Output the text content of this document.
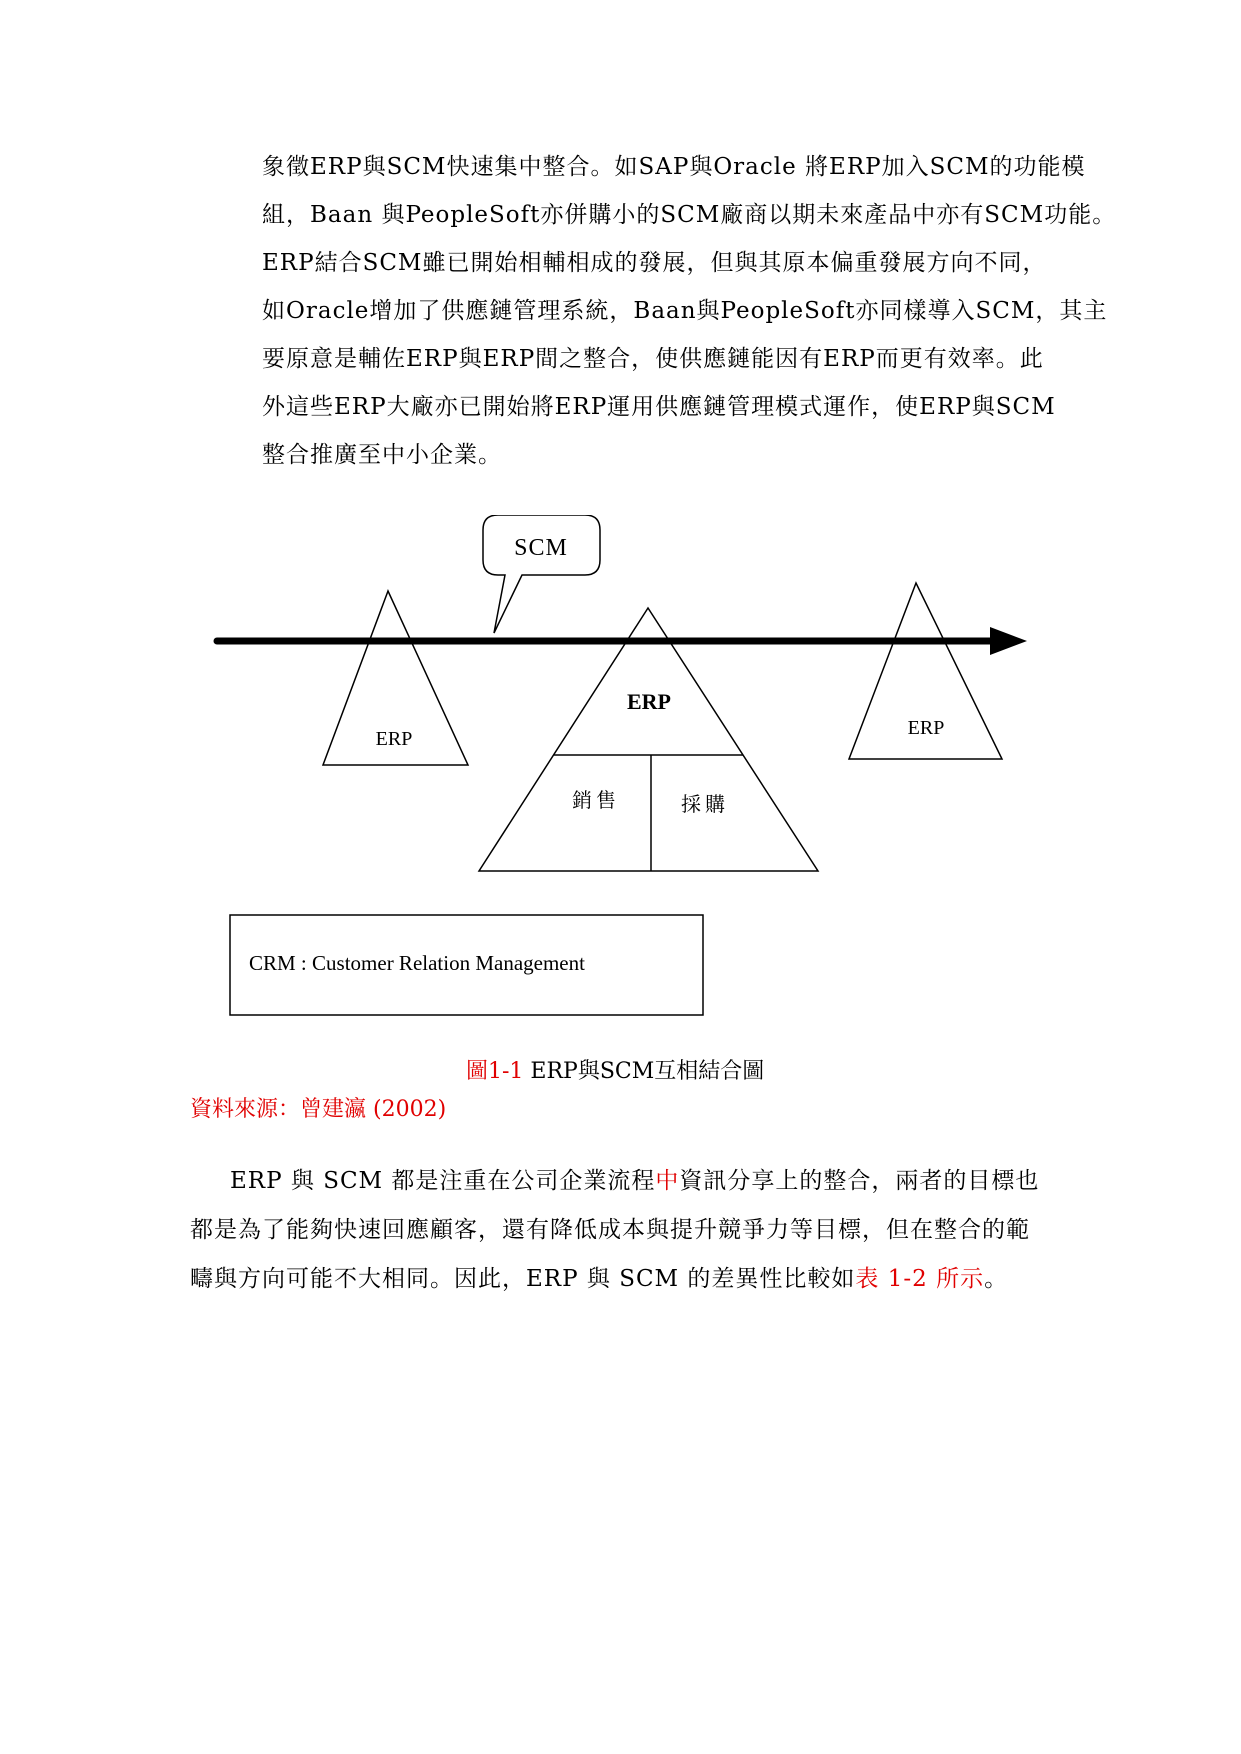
象徵ERP與SCM快速集中整合。如SAP與Oracle 將ERP加入SCM的功能模
組，Baan 與PeopleSoft亦併購小的SCM廠商以期未來產品中亦有SCM功能。
ERP結合SCM雖已開始相輔相成的發展，但與其原本偏重發展方向不同，
如Oracle增加了供應鏈管理系統，Baan與PeopleSoft亦同樣導入SCM，其主
要原意是輔佐ERP與ERP間之整合，使供應鏈能因有ERP而更有效率。此
外這些ERP大廠亦已開始將ERP運用供應鏈管理模式運作，使ERP與SCM
整合推廣至中小企業。
SCM
ERP
ERP
銷售	採購
ERP
CRM : Customer Relation Management
圖1-1 ERP與SCM互相結合圖
資料來源：曾建瀛 (2002)
ERP 與 SCM 都是注重在公司企業流程中資訊分享上的整合，兩者的目標也
都是為了能夠快速回應顧客，還有降低成本與提升競爭力等目標，但在整合的範
疇與方向可能不大相同。因此，ERP 與 SCM 的差異性比較如表 1-2 所示。
